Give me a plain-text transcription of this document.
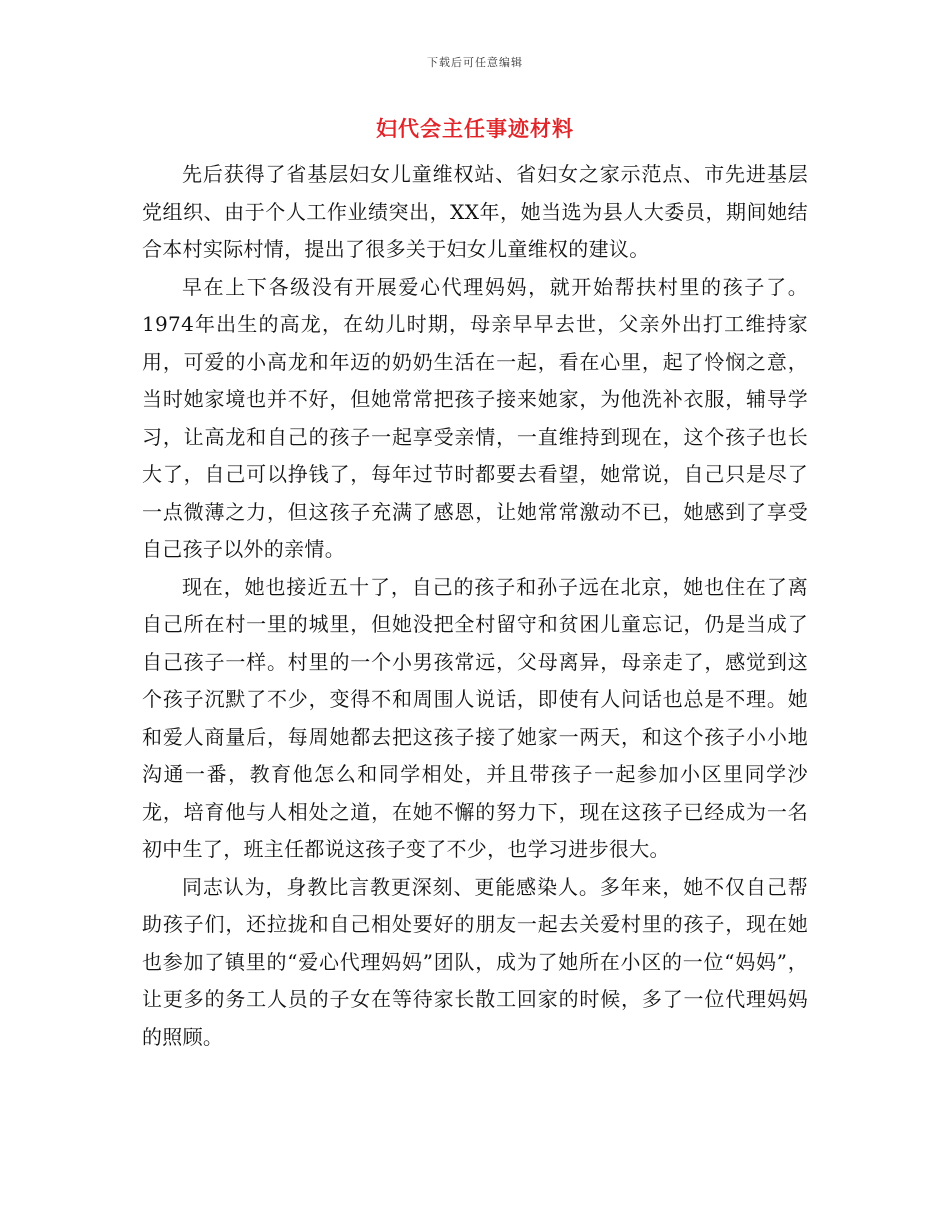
下载后可任意编辑
妇代会主任事迹材料

先后获得了省基层妇女儿童维权站、省妇女之家示范点、市先进基层党组织、由于个人工作业绩突出，XX年，她当选为县人大委员，期间她结合本村实际村情，提出了很多关于妇女儿童维权的建议。

早在上下各级没有开展爱心代理妈妈，就开始帮扶村里的孩子了。1974年出生的高龙，在幼儿时期，母亲早早去世，父亲外出打工维持家用，可爱的小高龙和年迈的奶奶生活在一起，看在心里，起了怜悯之意，当时她家境也并不好，但她常常把孩子接来她家，为他洗补衣服，辅导学习，让高龙和自己的孩子一起享受亲情，一直维持到现在，这个孩子也长大了，自己可以挣钱了，每年过节时都要去看望，她常说，自己只是尽了一点微薄之力，但这孩子充满了感恩，让她常常激动不已，她感到了享受自己孩子以外的亲情。

现在，她也接近五十了，自己的孩子和孙子远在北京，她也住在了离自己所在村一里的城里，但她没把全村留守和贫困儿童忘记，仍是当成了自己孩子一样。村里的一个小男孩常远，父母离异，母亲走了，感觉到这个孩子沉默了不少，变得不和周围人说话，即使有人问话也总是不理。她和爱人商量后，每周她都去把这孩子接了她家一两天，和这个孩子小小地沟通一番，教育他怎么和同学相处，并且带孩子一起参加小区里同学沙龙，培育他与人相处之道，在她不懈的努力下，现在这孩子已经成为一名初中生了，班主任都说这孩子变了不少，也学习进步很大。

同志认为，身教比言教更深刻、更能感染人。多年来，她不仅自己帮助孩子们，还拉拢和自己相处要好的朋友一起去关爱村里的孩子，现在她也参加了镇里的“爱心代理妈妈”团队，成为了她所在小区的一位“妈妈”，让更多的务工人员的子女在等待家长散工回家的时候，多了一位代理妈妈的照顾。
